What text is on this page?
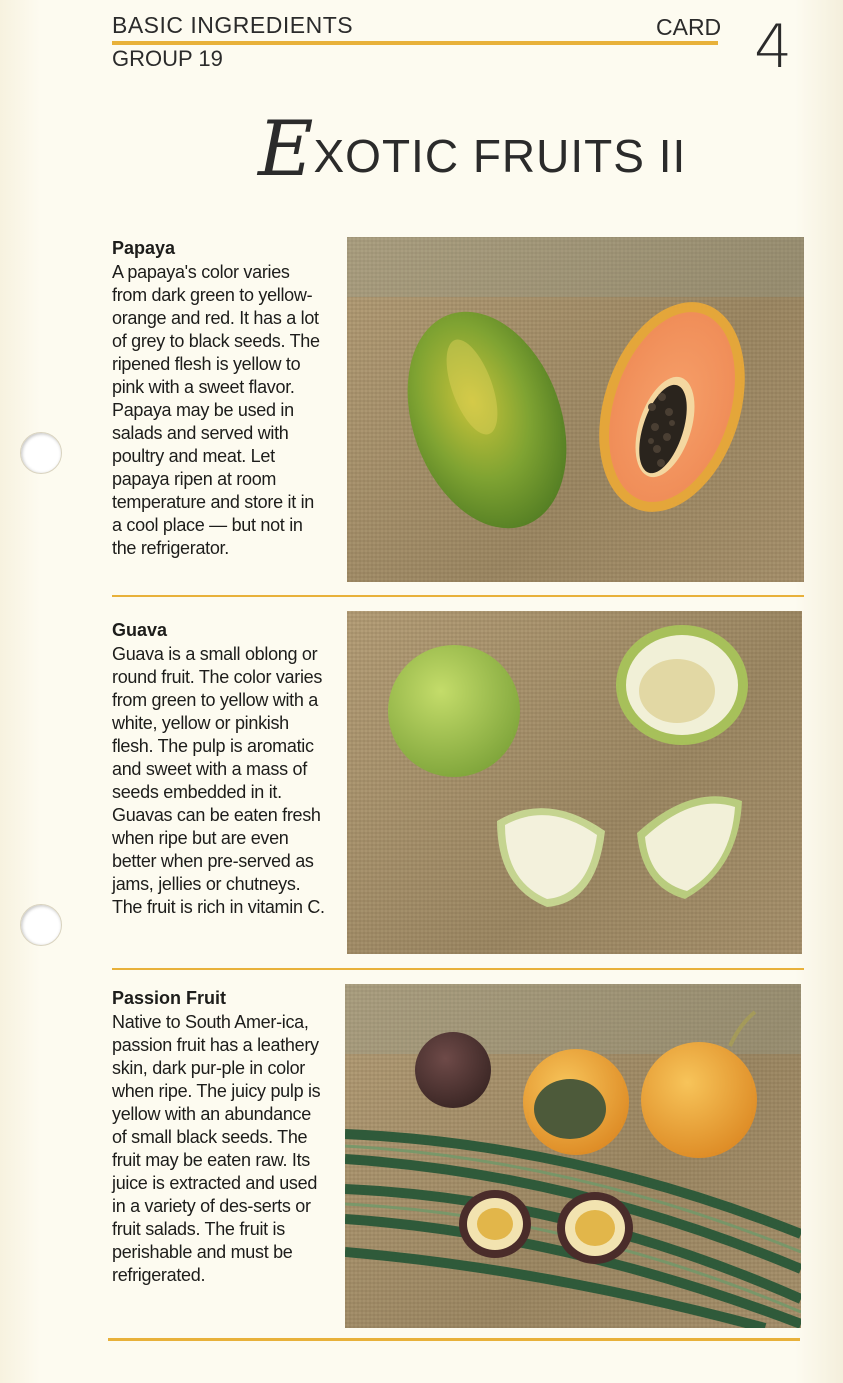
BASIC INGREDIENTS
GROUP 19
CARD 4
EXOTIC FRUITS II
Papaya

A papaya's color varies from dark green to yellow-orange and red. It has a lot of grey to black seeds. The ripened flesh is yellow to pink with a sweet flavor. Papaya may be used in salads and served with poultry and meat. Let papaya ripen at room temperature and store it in a cool place — but not in the refrigerator.

Guava

Guava is a small oblong or round fruit. The color varies from green to yellow with a white, yellow or pinkish flesh. The pulp is aromatic and sweet with a mass of seeds embedded in it. Guavas can be eaten fresh when ripe but are even better when pre-served as jams, jellies or chutneys. The fruit is rich in vitamin C.

Passion Fruit

Native to South Amer-ica, passion fruit has a leathery skin, dark pur-ple in color when ripe. The juicy pulp is yellow with an abundance of small black seeds. The fruit may be eaten raw. Its juice is extracted and used in a variety of des-serts or fruit salads. The fruit is perishable and must be refrigerated.
